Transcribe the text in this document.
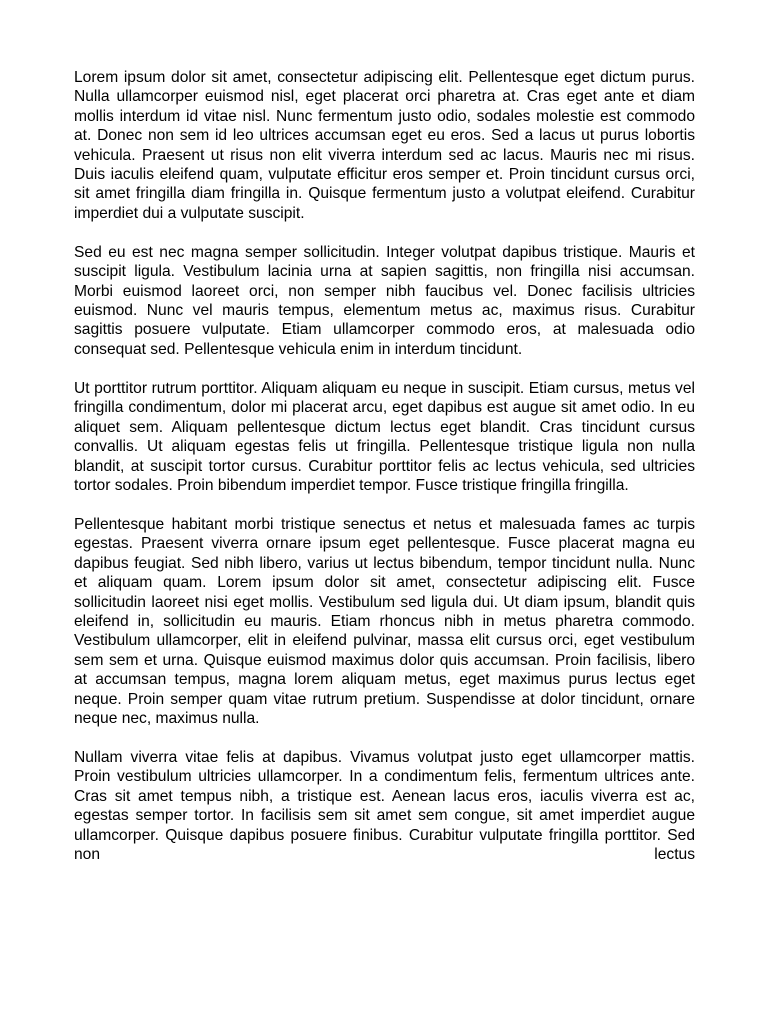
Lorem ipsum dolor sit amet, consectetur adipiscing elit. Pellentesque eget dictum purus. Nulla ullamcorper euismod nisl, eget placerat orci pharetra at. Cras eget ante et diam mollis interdum id vitae nisl. Nunc fermentum justo odio, sodales molestie est commodo at. Donec non sem id leo ultrices accumsan eget eu eros. Sed a lacus ut purus lobortis vehicula. Praesent ut risus non elit viverra interdum sed ac lacus. Mauris nec mi risus. Duis iaculis eleifend quam, vulputate efficitur eros semper et. Proin tincidunt cursus orci, sit amet fringilla diam fringilla in. Quisque fermentum justo a volutpat eleifend. Curabitur imperdiet dui a vulputate suscipit.

Sed eu est nec magna semper sollicitudin. Integer volutpat dapibus tristique. Mauris et suscipit ligula. Vestibulum lacinia urna at sapien sagittis, non fringilla nisi accumsan. Morbi euismod laoreet orci, non semper nibh faucibus vel. Donec facilisis ultricies euismod. Nunc vel mauris tempus, elementum metus ac, maximus risus. Curabitur sagittis posuere vulputate. Etiam ullamcorper commodo eros, at malesuada odio consequat sed. Pellentesque vehicula enim in interdum tincidunt.

Ut porttitor rutrum porttitor. Aliquam aliquam eu neque in suscipit. Etiam cursus, metus vel fringilla condimentum, dolor mi placerat arcu, eget dapibus est augue sit amet odio. In eu aliquet sem. Aliquam pellentesque dictum lectus eget blandit. Cras tincidunt cursus convallis. Ut aliquam egestas felis ut fringilla. Pellentesque tristique ligula non nulla blandit, at suscipit tortor cursus. Curabitur porttitor felis ac lectus vehicula, sed ultricies tortor sodales. Proin bibendum imperdiet tempor. Fusce tristique fringilla fringilla.

Pellentesque habitant morbi tristique senectus et netus et malesuada fames ac turpis egestas. Praesent viverra ornare ipsum eget pellentesque. Fusce placerat magna eu dapibus feugiat. Sed nibh libero, varius ut lectus bibendum, tempor tincidunt nulla. Nunc et aliquam quam. Lorem ipsum dolor sit amet, consectetur adipiscing elit. Fusce sollicitudin laoreet nisi eget mollis. Vestibulum sed ligula dui. Ut diam ipsum, blandit quis eleifend in, sollicitudin eu mauris. Etiam rhoncus nibh in metus pharetra commodo. Vestibulum ullamcorper, elit in eleifend pulvinar, massa elit cursus orci, eget vestibulum sem sem et urna. Quisque euismod maximus dolor quis accumsan. Proin facilisis, libero at accumsan tempus, magna lorem aliquam metus, eget maximus purus lectus eget neque. Proin semper quam vitae rutrum pretium. Suspendisse at dolor tincidunt, ornare neque nec, maximus nulla.

Nullam viverra vitae felis at dapibus. Vivamus volutpat justo eget ullamcorper mattis. Proin vestibulum ultricies ullamcorper. In a condimentum felis, fermentum ultrices ante. Cras sit amet tempus nibh, a tristique est. Aenean lacus eros, iaculis viverra est ac, egestas semper tortor. In facilisis sem sit amet sem congue, sit amet imperdiet augue ullamcorper. Quisque dapibus posuere finibus. Curabitur vulputate fringilla porttitor. Sed non lectus
